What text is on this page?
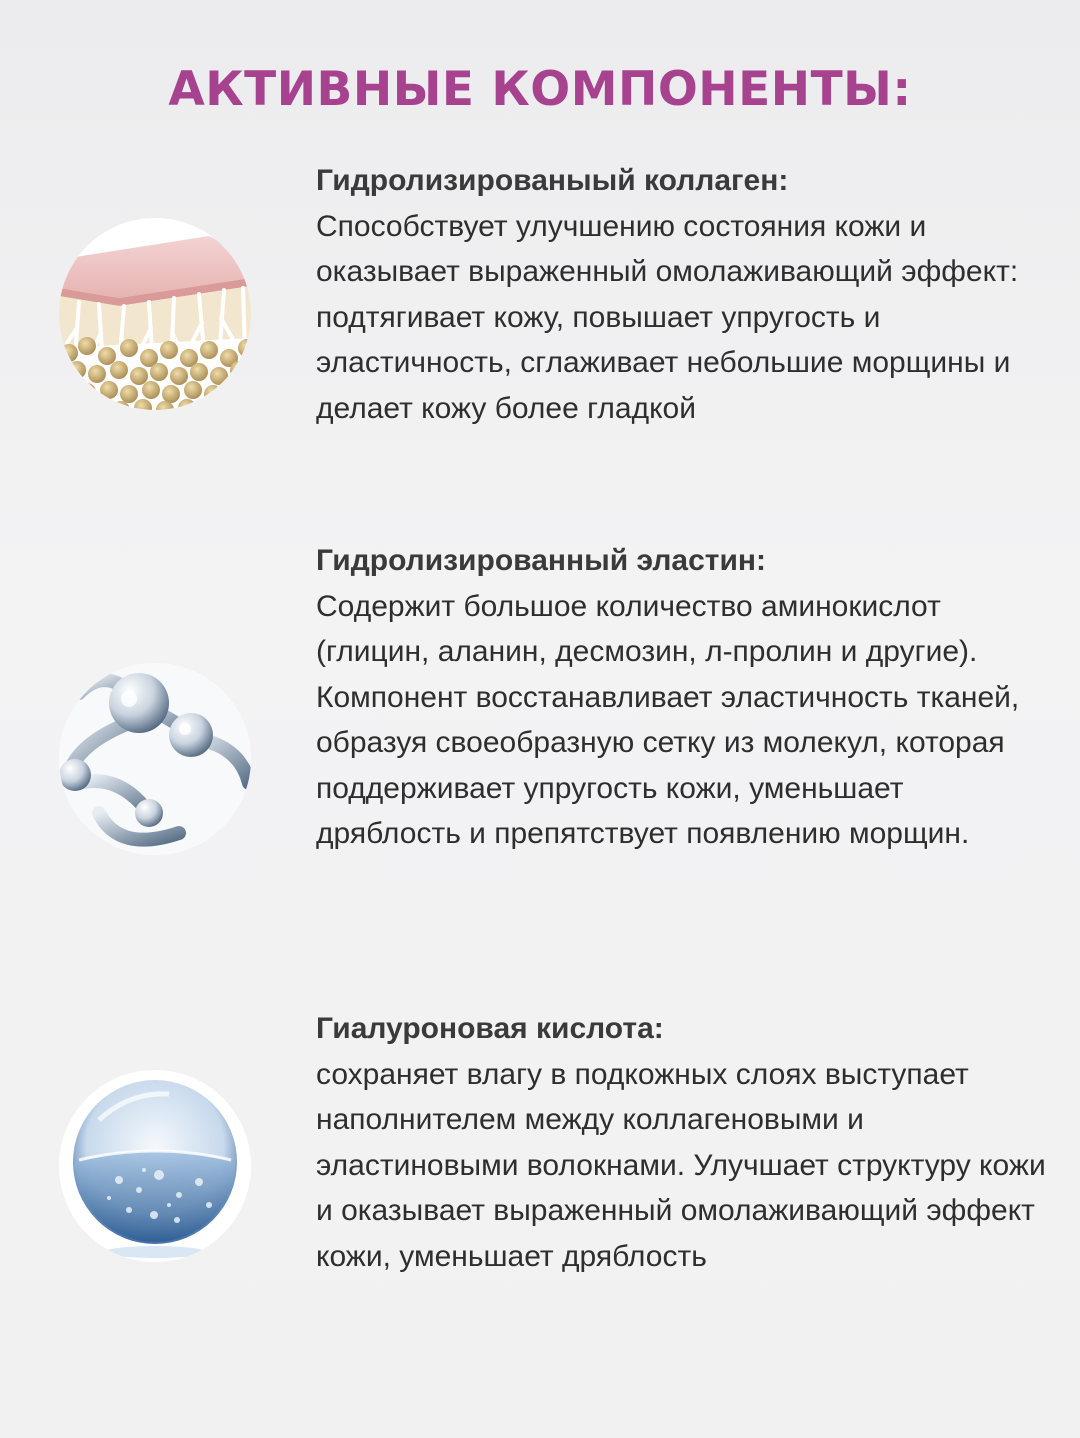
АКТИВНЫЕ КОМПОНЕНТЫ:
Гидролизированыый коллаген:
Способствует улучшению состояния кожи и оказывает выраженный омолаживающий эффект: подтягивает кожу, повышает упругость и эластичность, сглаживает небольшие морщины и делает кожу более гладкой
Гидролизированный эластин:
Содержит большое количество аминокислот (глицин, аланин, десмозин, л-пролин и другие). Компонент восстанавливает эластичность тканей, образуя своеобразную сетку из молекул, которая поддерживает упругость кожи, уменьшает дряблость и препятствует появлению морщин.
Гиалуроновая кислота:
сохраняет влагу в подкожных слоях выступает наполнителем между коллагеновыми и эластиновыми волокнами. Улучшает структуру кожи и оказывает выраженный омолаживающий эффект кожи, уменьшает дряблость
